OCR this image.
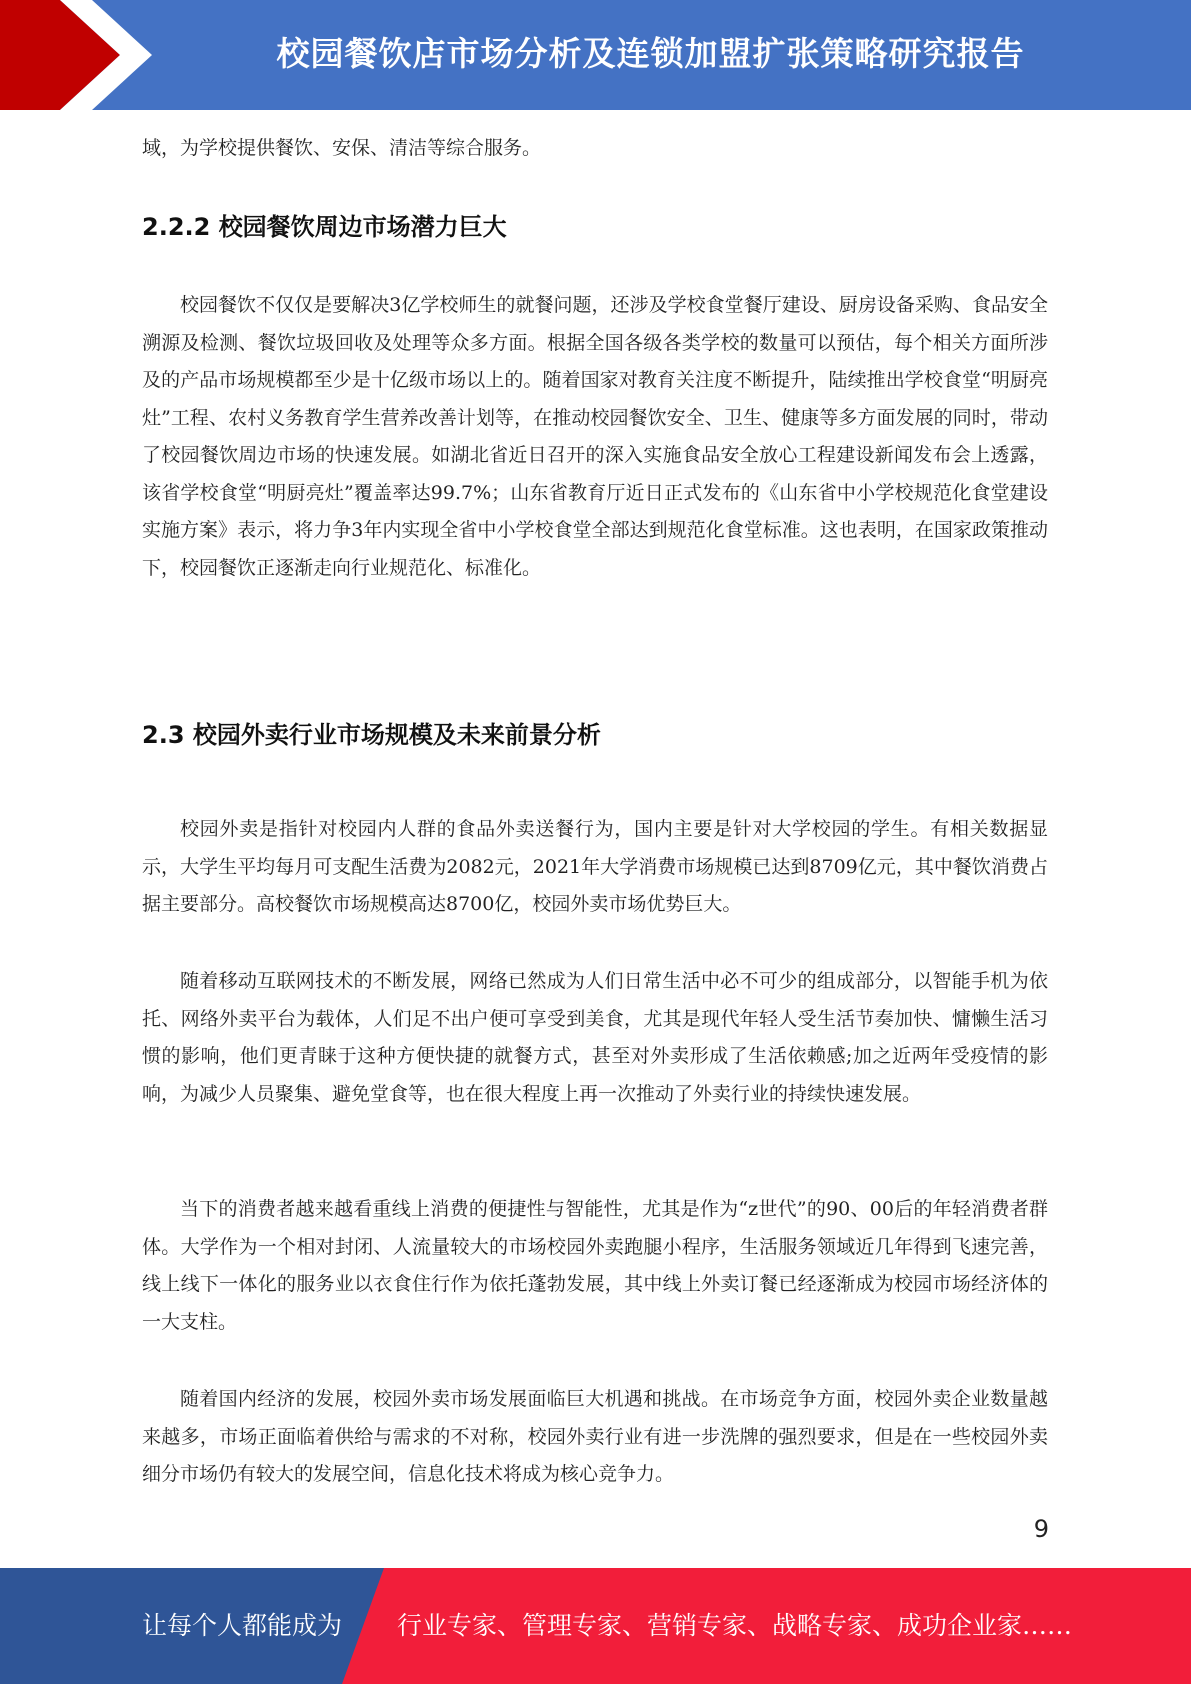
校园餐饮店市场分析及连锁加盟扩张策略研究报告

域，为学校提供餐饮、安保、清洁等综合服务。

2.2.2 校园餐饮周边市场潜力巨大

校园餐饮不仅仅是要解决3亿学校师生的就餐问题，还涉及学校食堂餐厅建设、厨房设备采购、食品安全溯源及检测、餐饮垃圾回收及处理等众多方面。根据全国各级各类学校的数量可以预估，每个相关方面所涉及的产品市场规模都至少是十亿级市场以上的。随着国家对教育关注度不断提升，陆续推出学校食堂“明厨亮灶”工程、农村义务教育学生营养改善计划等，在推动校园餐饮安全、卫生、健康等多方面发展的同时，带动了校园餐饮周边市场的快速发展。如湖北省近日召开的深入实施食品安全放心工程建设新闻发布会上透露，该省学校食堂“明厨亮灶”覆盖率达99.7%；山东省教育厅近日正式发布的《山东省中小学校规范化食堂建设实施方案》表示，将力争3年内实现全省中小学校食堂全部达到规范化食堂标准。这也表明，在国家政策推动下，校园餐饮正逐渐走向行业规范化、标准化。

2.3 校园外卖行业市场规模及未来前景分析

校园外卖是指针对校园内人群的食品外卖送餐行为，国内主要是针对大学校园的学生。有相关数据显示，大学生平均每月可支配生活费为2082元，2021年大学消费市场规模已达到8709亿元，其中餐饮消费占据主要部分。高校餐饮市场规模高达8700亿，校园外卖市场优势巨大。

随着移动互联网技术的不断发展，网络已然成为人们日常生活中必不可少的组成部分，以智能手机为依托、网络外卖平台为载体，人们足不出户便可享受到美食，尤其是现代年轻人受生活节奏加快、慵懒生活习惯的影响，他们更青睐于这种方便快捷的就餐方式，甚至对外卖形成了生活依赖感;加之近两年受疫情的影响，为减少人员聚集、避免堂食等，也在很大程度上再一次推动了外卖行业的持续快速发展。

当下的消费者越来越看重线上消费的便捷性与智能性，尤其是作为“z世代”的90、00后的年轻消费者群体。大学作为一个相对封闭、人流量较大的市场校园外卖跑腿小程序，生活服务领域近几年得到飞速完善，线上线下一体化的服务业以衣食住行作为依托蓬勃发展，其中线上外卖订餐已经逐渐成为校园市场经济体的一大支柱。

随着国内经济的发展，校园外卖市场发展面临巨大机遇和挑战。在市场竞争方面，校园外卖企业数量越来越多，市场正面临着供给与需求的不对称，校园外卖行业有进一步洗牌的强烈要求，但是在一些校园外卖细分市场仍有较大的发展空间，信息化技术将成为核心竞争力。

9
让每个人都能成为 行业专家、管理专家、营销专家、战略专家、成功企业家……
